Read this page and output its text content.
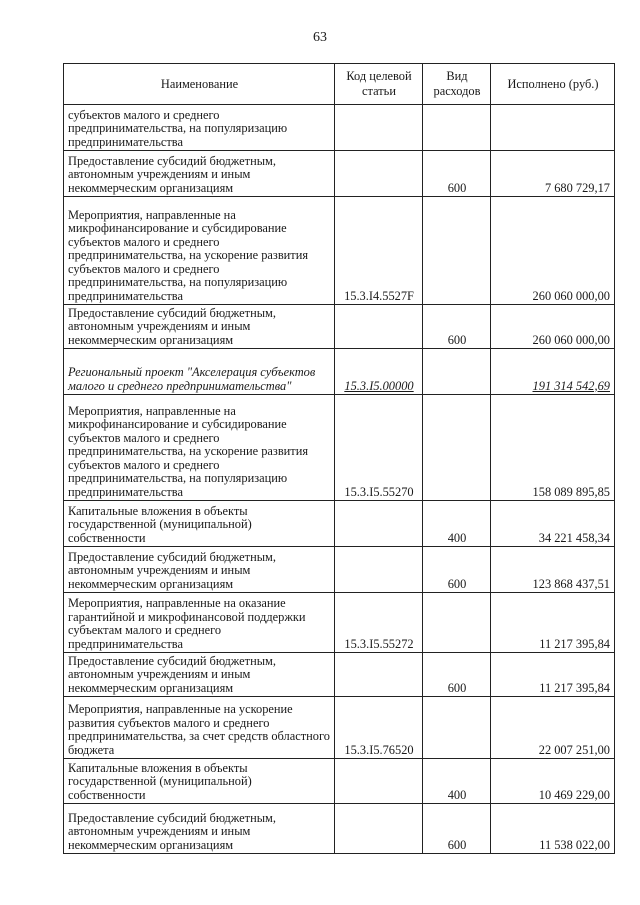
63
Наименование	Код целевой статьи	Вид расходов	Исполнено (руб.)

субъектов малого и среднего предпринимательства, на популяризацию предпринимательства			

Предоставление субсидий бюджетным, автономным учреждениям и иным некоммерческим организациям		600	7 680 729,17

Мероприятия, направленные на микрофинансирование и субсидирование субъектов малого и среднего предпринимательства, на ускорение развития субъектов малого и среднего предпринимательства, на популяризацию предпринимательства	15.3.I4.5527F		260 060 000,00

Предоставление субсидий бюджетным, автономным учреждениям и иным некоммерческим организациям		600	260 060 000,00

Региональный проект "Акселерация субъектов малого и среднего предпринимательства"	15.3.I5.00000		191 314 542,69

Мероприятия, направленные на микрофинансирование и субсидирование субъектов малого и среднего предпринимательства, на ускорение развития субъектов малого и среднего предпринимательства, на популяризацию предпринимательства	15.3.I5.55270		158 089 895,85

Капитальные вложения в объекты государственной (муниципальной) собственности		400	34 221 458,34

Предоставление субсидий бюджетным, автономным учреждениям и иным некоммерческим организациям		600	123 868 437,51

Мероприятия, направленные на оказание гарантийной и микрофинансовой поддержки субъектам малого и среднего предпринимательства	15.3.I5.55272		11 217 395,84

Предоставление субсидий бюджетным, автономным учреждениям и иным некоммерческим организациям		600	11 217 395,84

Мероприятия, направленные на ускорение развития субъектов малого и среднего предпринимательства, за счет средств областного бюджета	15.3.I5.76520		22 007 251,00

Капитальные вложения в объекты государственной (муниципальной) собственности		400	10 469 229,00

Предоставление субсидий бюджетным, автономным учреждениям и иным некоммерческим организациям		600	11 538 022,00
